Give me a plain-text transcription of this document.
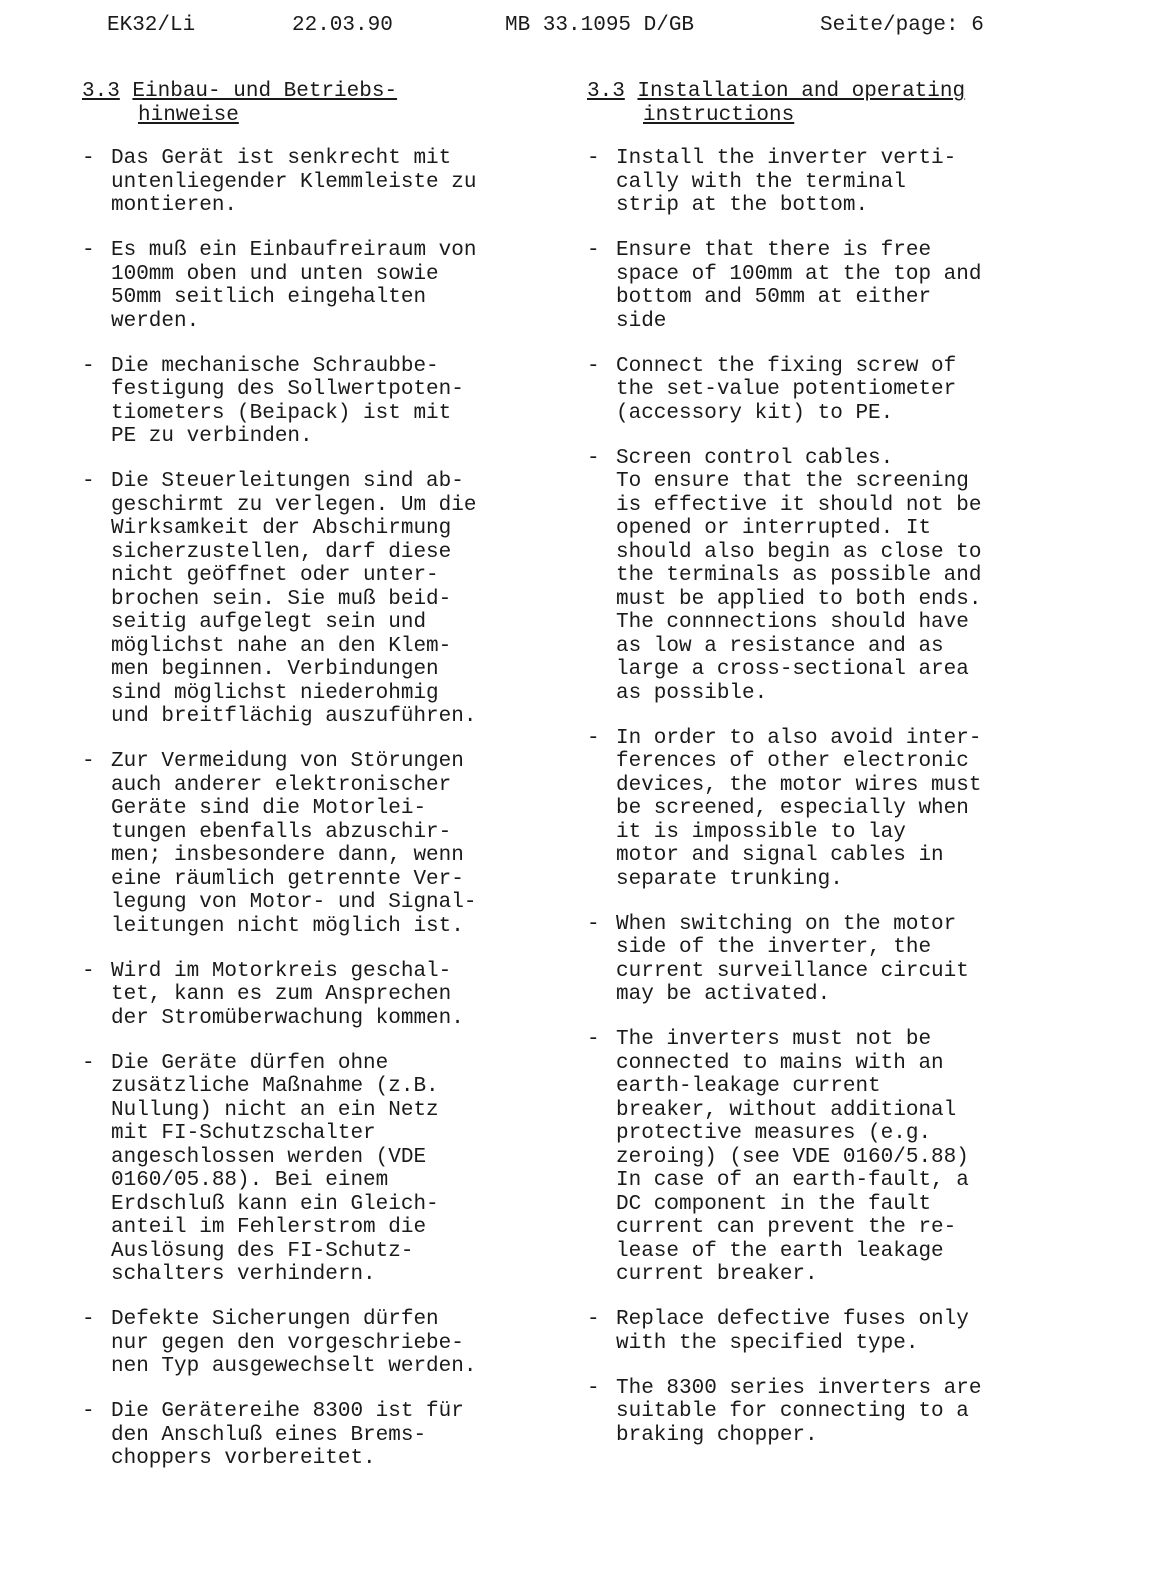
EK32/Li	22.03.90	MB 33.1095 D/GB	Seite/page: 6
3.3 Einbau- und Betriebs-
hinweise
- Das Gerät ist senkrecht mit
untenliegender Klemmleiste zu
montieren.
- Es muß ein Einbaufreiraum von
100mm oben und unten sowie
50mm seitlich eingehalten
werden.
- Die mechanische Schraubbe-
festigung des Sollwertpoten-
tiometers (Beipack) ist mit
PE zu verbinden.
- Die Steuerleitungen sind ab-
geschirmt zu verlegen. Um die
Wirksamkeit der Abschirmung
sicherzustellen, darf diese
nicht geöffnet oder unter-
brochen sein. Sie muß beid-
seitig aufgelegt sein und
möglichst nahe an den Klem-
men beginnen. Verbindungen
sind möglichst niederohmig
und breitflächig auszuführen.
- Zur Vermeidung von Störungen
auch anderer elektronischer
Geräte sind die Motorlei-
tungen ebenfalls abzuschir-
men; insbesondere dann, wenn
eine räumlich getrennte Ver-
legung von Motor- und Signal-
leitungen nicht möglich ist.
- Wird im Motorkreis geschal-
tet, kann es zum Ansprechen
der Stromüberwachung kommen.
- Die Geräte dürfen ohne
zusätzliche Maßnahme (z.B.
Nullung) nicht an ein Netz
mit FI-Schutzschalter
angeschlossen werden (VDE
0160/05.88). Bei einem
Erdschluß kann ein Gleich-
anteil im Fehlerstrom die
Auslösung des FI-Schutz-
schalters verhindern.
- Defekte Sicherungen dürfen
nur gegen den vorgeschriebe-
nen Typ ausgewechselt werden.
- Die Gerätereihe 8300 ist für
den Anschluß eines Brems-
choppers vorbereitet.
3.3 Installation and operating
instructions
- Install the inverter verti-
cally with the terminal
strip at the bottom.
- Ensure that there is free
space of 100mm at the top and
bottom and 50mm at either
side
- Connect the fixing screw of
the set-value potentiometer
(accessory kit) to PE.
- Screen control cables.
To ensure that the screening
is effective it should not be
opened or interrupted. It
should also begin as close to
the terminals as possible and
must be applied to both ends.
The connnections should have
as low a resistance and as
large a cross-sectional area
as possible.
- In order to also avoid inter-
ferences of other electronic
devices, the motor wires must
be screened, especially when
it is impossible to lay
motor and signal cables in
separate trunking.
- When switching on the motor
side of the inverter, the
current surveillance circuit
may be activated.
- The inverters must not be
connected to mains with an
earth-leakage current
breaker, without additional
protective measures (e.g.
zeroing) (see VDE 0160/5.88)
In case of an earth-fault, a
DC component in the fault
current can prevent the re-
lease of the earth leakage
current breaker.
- Replace defective fuses only
with the specified type.
- The 8300 series inverters are
suitable for connecting to a
braking chopper.
